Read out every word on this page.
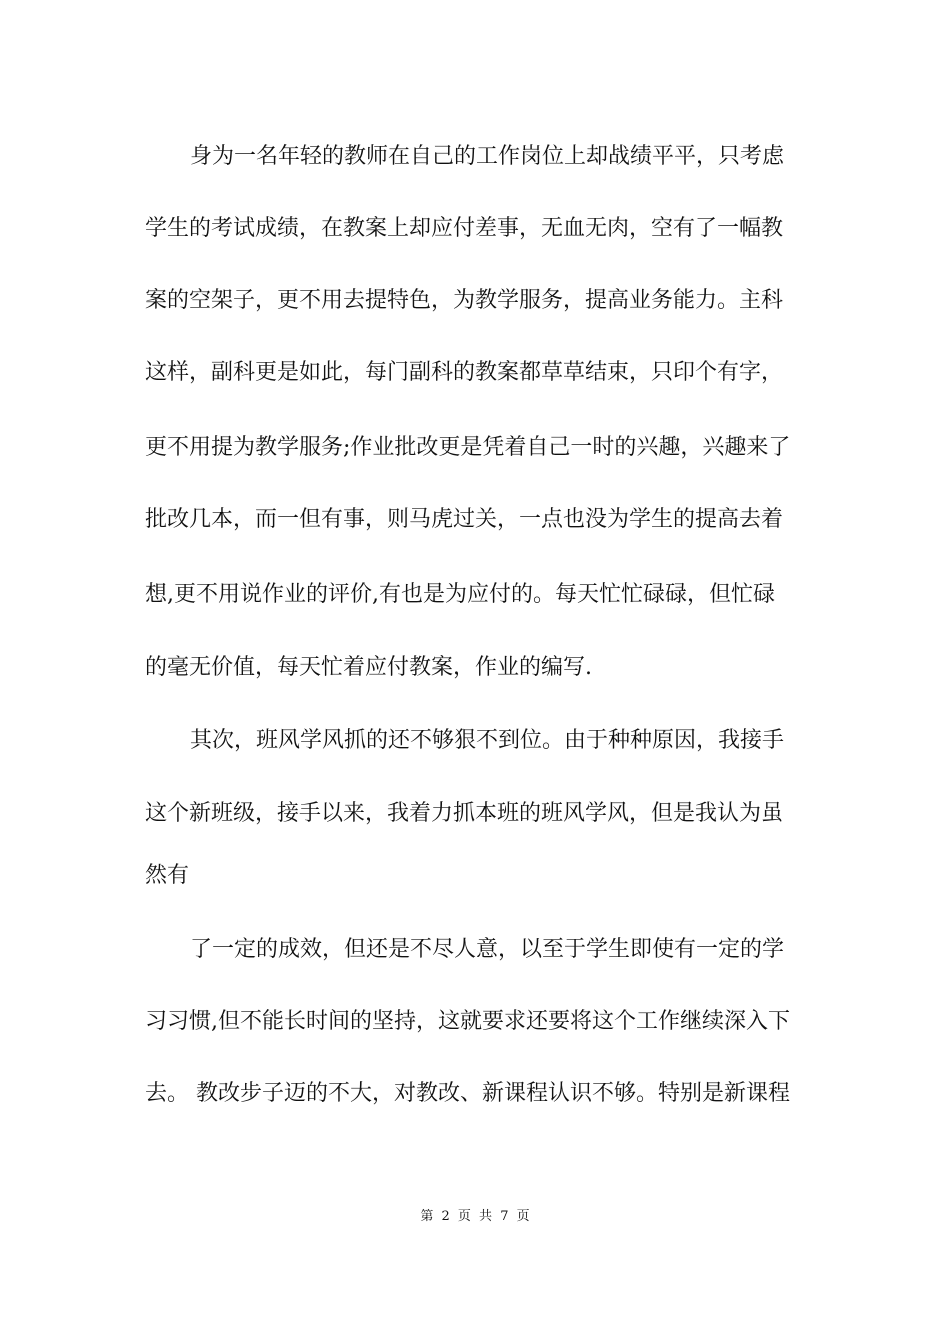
身为一名年轻的教师在自己的工作岗位上却战绩平平，只考虑
学生的考试成绩，在教案上却应付差事，无血无肉，空有了一幅教
案的空架子，更不用去提特色，为教学服务，提高业务能力。主科
这样，副科更是如此，每门副科的教案都草草结束，只印个有字，
更不用提为教学服务;作业批改更是凭着自己一时的兴趣，兴趣来了
批改几本，而一但有事，则马虎过关，一点也没为学生的提高去着
想,更不用说作业的评价,有也是为应付的。每天忙忙碌碌，但忙碌
的毫无价值，每天忙着应付教案，作业的编写.
其次，班风学风抓的还不够狠不到位。由于种种原因，我接手
这个新班级，接手以来，我着力抓本班的班风学风，但是我认为虽
然有
了一定的成效，但还是不尽人意，以至于学生即使有一定的学
习习惯,但不能长时间的坚持，这就要求还要将这个工作继续深入下
去。 教改步子迈的不大，对教改、新课程认识不够。特别是新课程
第 2 页 共 7 页
